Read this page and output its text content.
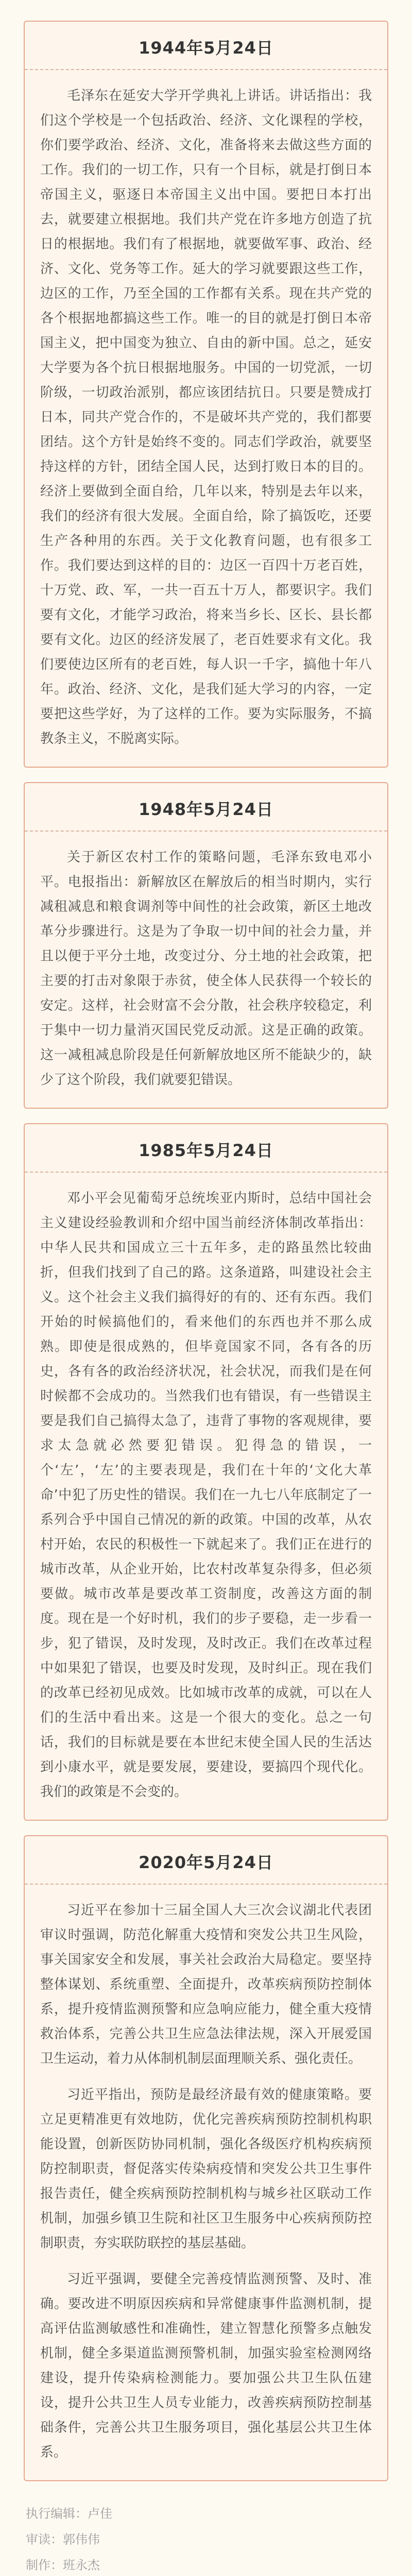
1944年5月24日

毛泽东在延安大学开学典礼上讲话。讲话指出：我们这个学校是一个包括政治、经济、文化课程的学校，你们要学政治、经济、文化，准备将来去做这些方面的工作。我们的一切工作，只有一个目标，就是打倒日本帝国主义，驱逐日本帝国主义出中国。要把日本打出去，就要建立根据地。我们共产党在许多地方创造了抗日的根据地。我们有了根据地，就要做军事、政治、经济、文化、党务等工作。延大的学习就要跟这些工作，边区的工作，乃至全国的工作都有关系。现在共产党的各个根据地都搞这些工作。唯一的目的就是打倒日本帝国主义，把中国变为独立、自由的新中国。总之，延安大学要为各个抗日根据地服务。中国的一切党派，一切阶级，一切政治派别，都应该团结抗日。只要是赞成打日本，同共产党合作的，不是破坏共产党的，我们都要团结。这个方针是始终不变的。同志们学政治，就要坚持这样的方针，团结全国人民，达到打败日本的目的。经济上要做到全面自给，几年以来，特别是去年以来，我们的经济有很大发展。全面自给，除了搞饭吃，还要生产各种用的东西。关于文化教育问题，也有很多工作。我们要达到这样的目的：边区一百四十万老百姓，十万党、政、军，一共一百五十万人，都要识字。我们要有文化，才能学习政治，将来当乡长、区长、县长都要有文化。边区的经济发展了，老百姓要求有文化。我们要使边区所有的老百姓，每人识一千字，搞他十年八年。政治、经济、文化，是我们延大学习的内容，一定要把这些学好，为了这样的工作。要为实际服务，不搞教条主义，不脱离实际。

1948年5月24日

关于新区农村工作的策略问题，毛泽东致电邓小平。电报指出：新解放区在解放后的相当时期内，实行减租减息和粮食调剂等中间性的社会政策，新区土地改革分步骤进行。这是为了争取一切中间的社会力量，并且以便于平分土地，改变过分、分土地的社会政策，把主要的打击对象限于赤贫，使全体人民获得一个较长的安定。这样，社会财富不会分散，社会秩序较稳定，利于集中一切力量消灭国民党反动派。这是正确的政策。这一减租减息阶段是任何新解放地区所不能缺少的，缺少了这个阶段，我们就要犯错误。

1985年5月24日

邓小平会见葡萄牙总统埃亚内斯时，总结中国社会主义建设经验教训和介绍中国当前经济体制改革指出：中华人民共和国成立三十五年多，走的路虽然比较曲折，但我们找到了自己的路。这条道路，叫建设社会主义。这个社会主义我们搞得好的有的、还有东西。我们开始的时候搞他们的，看来他们的东西也并不那么成熟。即使是很成熟的，但毕竟国家不同，各有各的历史，各有各的政治经济状况，社会状况，而我们是在何时候都不会成功的。当然我们也有错误，有一些错误主要是我们自己搞得太急了，违背了事物的客观规律，要求太急就必然要犯错误。犯得急的错误，一个‘左’，‘左’的主要表现是，我们在十年的‘文化大革命’中犯了历史性的错误。我们在一九七八年底制定了一系列合乎中国自己情况的新的政策。中国的改革，从农村开始，农民的积极性一下就起来了。我们正在进行的城市改革，从企业开始，比农村改革复杂得多，但必须要做。城市改革是要改革工资制度，改善这方面的制度。现在是一个好时机，我们的步子要稳，走一步看一步，犯了错误，及时发现，及时改正。我们在改革过程中如果犯了错误，也要及时发现，及时纠正。现在我们的改革已经初见成效。比如城市改革的成就，可以在人们的生活中看出来。这是一个很大的变化。总之一句话，我们的目标就是要在本世纪末使全国人民的生活达到小康水平，就是要发展，要建设，要搞四个现代化。我们的政策是不会变的。

2020年5月24日

习近平在参加十三届全国人大三次会议湖北代表团审议时强调，防范化解重大疫情和突发公共卫生风险，事关国家安全和发展，事关社会政治大局稳定。要坚持整体谋划、系统重塑、全面提升，改革疾病预防控制体系，提升疫情监测预警和应急响应能力，健全重大疫情救治体系，完善公共卫生应急法律法规，深入开展爱国卫生运动，着力从体制机制层面理顺关系、强化责任。

习近平指出，预防是最经济最有效的健康策略。要立足更精准更有效地防，优化完善疾病预防控制机构职能设置，创新医防协同机制，强化各级医疗机构疾病预防控制职责，督促落实传染病疫情和突发公共卫生事件报告责任，健全疾病预防控制机构与城乡社区联动工作机制，加强乡镇卫生院和社区卫生服务中心疾病预防控制职责，夯实联防联控的基层基础。

习近平强调，要健全完善疫情监测预警、及时、准确。要改进不明原因疾病和异常健康事件监测机制，提高评估监测敏感性和准确性，建立智慧化预警多点触发机制，健全多渠道监测预警机制，加强实验室检测网络建设，提升传染病检测能力。要加强公共卫生队伍建设，提升公共卫生人员专业能力，改善疾病预防控制基础条件，完善公共卫生服务项目，强化基层公共卫生体系。

执行编辑：卢佳
审读：郭伟伟
制作：班永杰
